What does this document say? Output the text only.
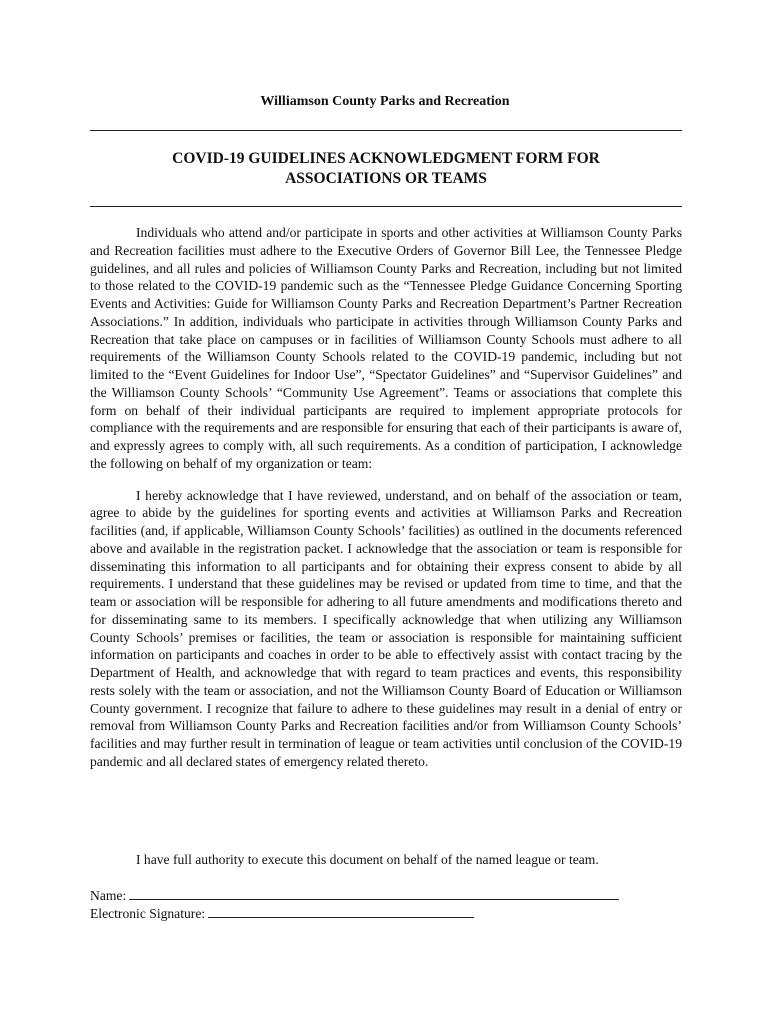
Williamson County Parks and Recreation
COVID-19 GUIDELINES ACKNOWLEDGMENT FORM FOR
ASSOCIATIONS OR TEAMS

Individuals who attend and/or participate in sports and other activities at Williamson County Parks and Recreation facilities must adhere to the Executive Orders of Governor Bill Lee, the Tennessee Pledge guidelines, and all rules and policies of Williamson County Parks and Recreation, including but not limited to those related to the COVID-19 pandemic such as the “Tennessee Pledge Guidance Concerning Sporting Events and Activities: Guide for Williamson County Parks and Recreation Department’s Partner Recreation Associations.” In addition, individuals who participate in activities through Williamson County Parks and Recreation that take place on campuses or in facilities of Williamson County Schools must adhere to all requirements of the Williamson County Schools related to the COVID-19 pandemic, including but not limited to the “Event Guidelines for Indoor Use”, “Spectator Guidelines” and “Supervisor Guidelines” and the Williamson County Schools’ “Community Use Agreement”. Teams or associations that complete this form on behalf of their individual participants are required to implement appropriate protocols for compliance with the requirements and are responsible for ensuring that each of their participants is aware of, and expressly agrees to comply with, all such requirements. As a condition of participation, I acknowledge the following on behalf of my organization or team:

I hereby acknowledge that I have reviewed, understand, and on behalf of the association or team, agree to abide by the guidelines for sporting events and activities at Williamson Parks and Recreation facilities (and, if applicable, Williamson County Schools’ facilities) as outlined in the documents referenced above and available in the registration packet. I acknowledge that the association or team is responsible for disseminating this information to all participants and for obtaining their express consent to abide by all requirements. I understand that these guidelines may be revised or updated from time to time, and that the team or association will be responsible for adhering to all future amendments and modifications thereto and for disseminating same to its members. I specifically acknowledge that when utilizing any Williamson County Schools’ premises or facilities, the team or association is responsible for maintaining sufficient information on participants and coaches in order to be able to effectively assist with contact tracing by the Department of Health, and acknowledge that with regard to team practices and events, this responsibility rests solely with the team or association, and not the Williamson County Board of Education or Williamson County government. I recognize that failure to adhere to these guidelines may result in a denial of entry or removal from Williamson County Parks and Recreation facilities and/or from Williamson County Schools’ facilities and may further result in termination of league or team activities until conclusion of the COVID-19 pandemic and all declared states of emergency related thereto.

I have full authority to execute this document on behalf of the named league or team.
Name:
Electronic Signature:
